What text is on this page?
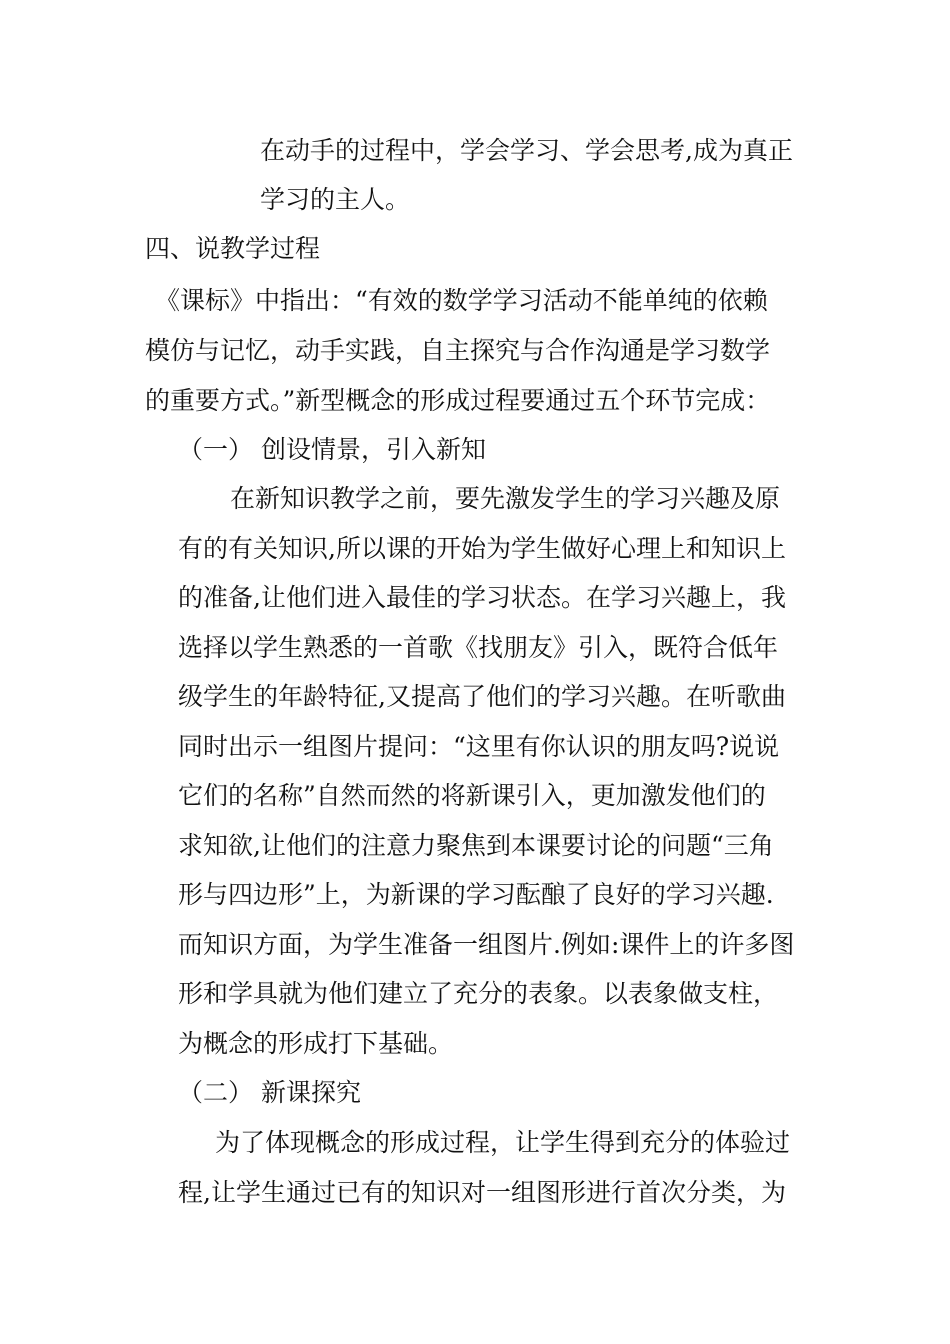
在动手的过程中，学会学习、学会思考,成为真正
学习的主人。
四、说教学过程
《课标》中指出：“有效的数学学习活动不能单纯的依赖
模仿与记忆，动手实践，自主探究与合作沟通是学习数学
的重要方式。”新型概念的形成过程要通过五个环节完成：
（一） 创设情景，引入新知
在新知识教学之前，要先激发学生的学习兴趣及原
有的有关知识,所以课的开始为学生做好心理上和知识上
的准备,让他们进入最佳的学习状态。在学习兴趣上，我
选择以学生熟悉的一首歌《找朋友》引入，既符合低年
级学生的年龄特征,又提高了他们的学习兴趣。在听歌曲
同时出示一组图片提问：“这里有你认识的朋友吗?说说
它们的名称”自然而然的将新课引入，更加激发他们的
求知欲,让他们的注意力聚焦到本课要讨论的问题“三角
形与四边形”上，为新课的学习酝酿了良好的学习兴趣.
而知识方面，为学生准备一组图片.例如:课件上的许多图
形和学具就为他们建立了充分的表象。以表象做支柱，
为概念的形成打下基础。
（二） 新课探究
为了体现概念的形成过程，让学生得到充分的体验过
程,让学生通过已有的知识对一组图形进行首次分类，为
